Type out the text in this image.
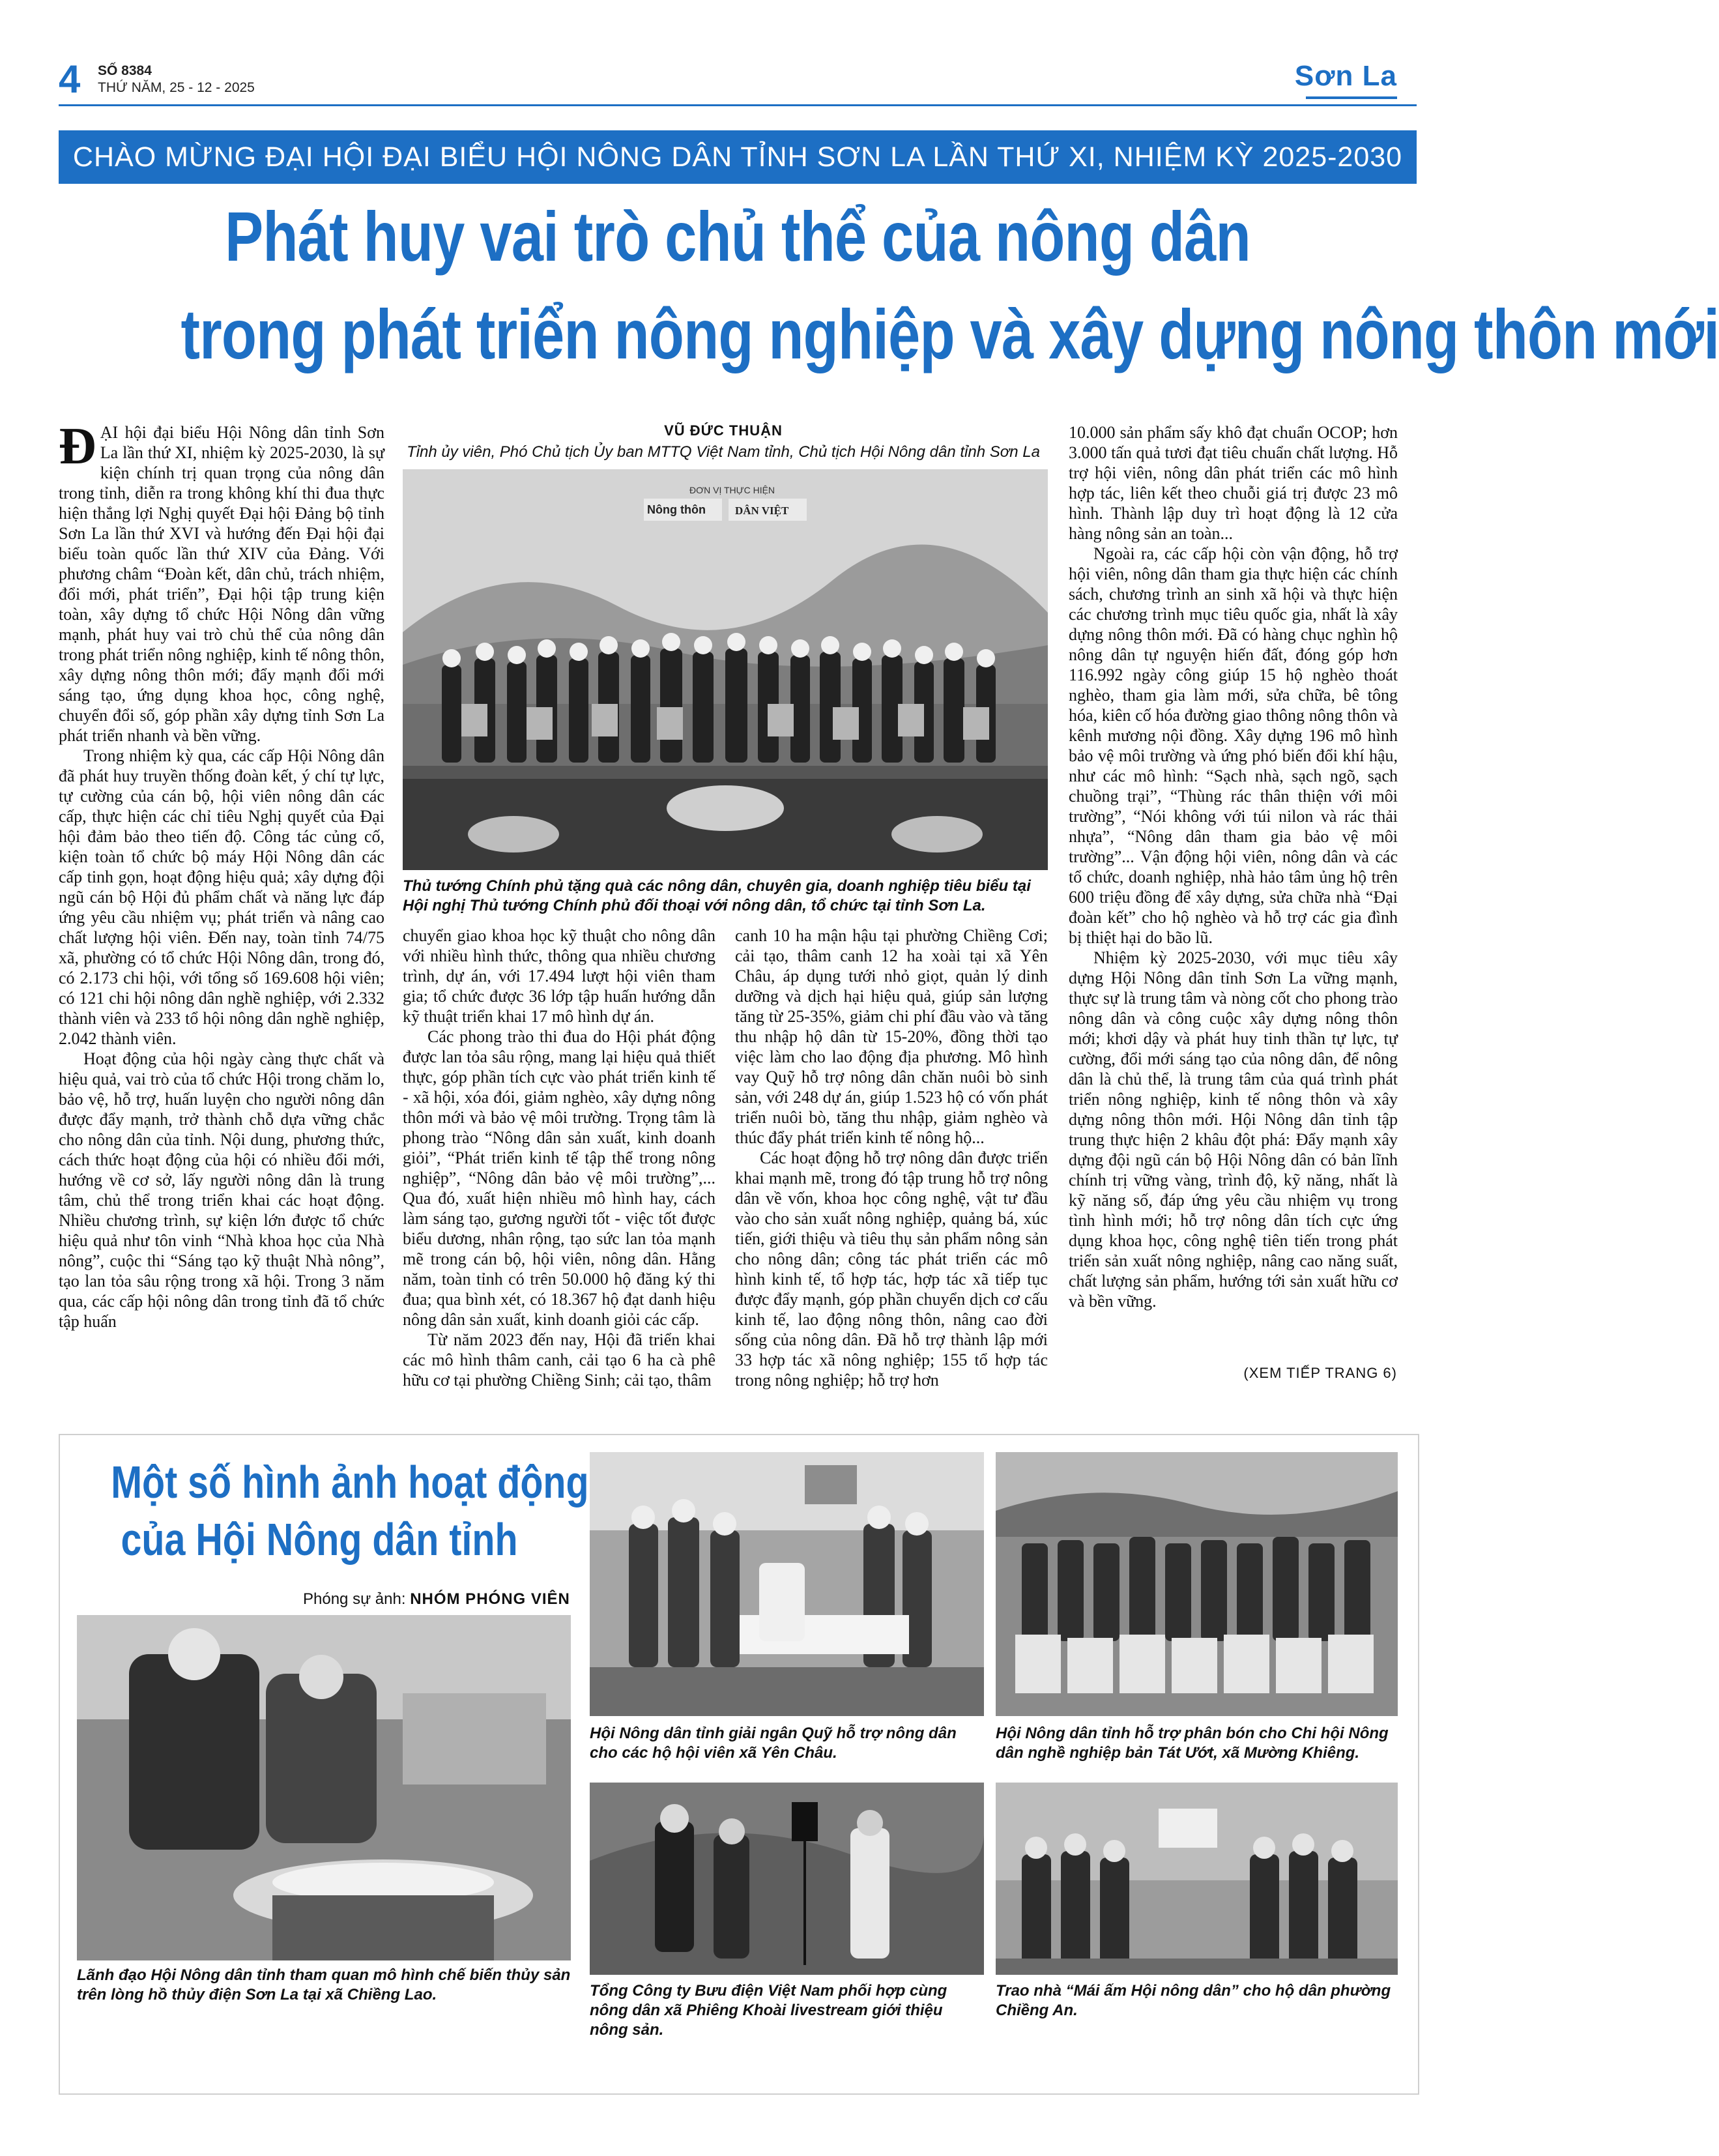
4 SỐ 8384
THỨ NĂM, 25 - 12 - 2025	Sơn La
CHÀO MỪNG ĐẠI HỘI ĐẠI BIỂU HỘI NÔNG DÂN TỈNH SƠN LA LẦN THỨ XI, NHIỆM KỲ 2025-2030
Phát huy vai trò chủ thể của nông dân
trong phát triển nông nghiệp và xây dựng nông thôn mới

ĐẠI hội đại biểu Hội Nông dân tỉnh Sơn La lần thứ XI, nhiệm kỳ 2025-2030, là sự kiện chính trị quan trọng của nông dân trong tỉnh, diễn ra trong không khí thi đua thực hiện thắng lợi Nghị quyết Đại hội Đảng bộ tỉnh Sơn La lần thứ XVI và hướng đến Đại hội đại biểu toàn quốc lần thứ XIV của Đảng. Với phương châm “Đoàn kết, dân chủ, trách nhiệm, đổi mới, phát triển”, Đại hội tập trung kiện toàn, xây dựng tổ chức Hội Nông dân vững mạnh, phát huy vai trò chủ thể của nông dân trong phát triển nông nghiệp, kinh tế nông thôn, xây dựng nông thôn mới; đẩy mạnh đổi mới sáng tạo, ứng dụng khoa học, công nghệ, chuyển đổi số, góp phần xây dựng tỉnh Sơn La phát triển nhanh và bền vững.

Trong nhiệm kỳ qua, các cấp Hội Nông dân đã phát huy truyền thống đoàn kết, ý chí tự lực, tự cường của cán bộ, hội viên nông dân các cấp, thực hiện các chỉ tiêu Nghị quyết của Đại hội đảm bảo theo tiến độ. Công tác củng cố, kiện toàn tổ chức bộ máy Hội Nông dân các cấp tinh gọn, hoạt động hiệu quả; xây dựng đội ngũ cán bộ Hội đủ phẩm chất và năng lực đáp ứng yêu cầu nhiệm vụ; phát triển và nâng cao chất lượng hội viên. Đến nay, toàn tỉnh 74/75 xã, phường có tổ chức Hội Nông dân, trong đó, có 2.173 chi hội, với tổng số 169.608 hội viên; có 121 chi hội nông dân nghề nghiệp, với 2.332 thành viên và 233 tổ hội nông dân nghề nghiệp, 2.042 thành viên.

Hoạt động của hội ngày càng thực chất và hiệu quả, vai trò của tổ chức Hội trong chăm lo, bảo vệ, hỗ trợ, huấn luyện cho người nông dân được đẩy mạnh, trở thành chỗ dựa vững chắc cho nông dân của tỉnh. Nội dung, phương thức, cách thức hoạt động của hội có nhiều đổi mới, hướng về cơ sở, lấy người nông dân là trung tâm, chủ thể trong triển khai các hoạt động. Nhiều chương trình, sự kiện lớn được tổ chức hiệu quả như tôn vinh “Nhà khoa học của Nhà nông”, cuộc thi “Sáng tạo kỹ thuật Nhà nông”, tạo lan tỏa sâu rộng trong xã hội. Trong 3 năm qua, các cấp hội nông dân trong tỉnh đã tổ chức tập huấn

VŨ ĐỨC THUẬN
Tỉnh ủy viên, Phó Chủ tịch Ủy ban MTTQ Việt Nam tỉnh, Chủ tịch Hội Nông dân tỉnh Sơn La
ĐƠN VỊ THỰC HIỆN
Nông thôn	DÂN VIỆT
Thủ tướng Chính phủ tặng quà các nông dân, chuyên gia, doanh nghiệp tiêu biểu tại Hội nghị Thủ tướng Chính phủ đối thoại với nông dân, tổ chức tại tỉnh Sơn La.

chuyển giao khoa học kỹ thuật cho nông dân với nhiều hình thức, thông qua nhiều chương trình, dự án, với 17.494 lượt hội viên tham gia; tổ chức được 36 lớp tập huấn hướng dẫn kỹ thuật triển khai 17 mô hình dự án.

Các phong trào thi đua do Hội phát động được lan tỏa sâu rộng, mang lại hiệu quả thiết thực, góp phần tích cực vào phát triển kinh tế - xã hội, xóa đói, giảm nghèo, xây dựng nông thôn mới và bảo vệ môi trường. Trọng tâm là phong trào “Nông dân sản xuất, kinh doanh giỏi”, “Phát triển kinh tế tập thể trong nông nghiệp”, “Nông dân bảo vệ môi trường”,... Qua đó, xuất hiện nhiều mô hình hay, cách làm sáng tạo, gương người tốt - việc tốt được biểu dương, nhân rộng, tạo sức lan tỏa mạnh mẽ trong cán bộ, hội viên, nông dân. Hằng năm, toàn tỉnh có trên 50.000 hộ đăng ký thi đua; qua bình xét, có 18.367 hộ đạt danh hiệu nông dân sản xuất, kinh doanh giỏi các cấp.

Từ năm 2023 đến nay, Hội đã triển khai các mô hình thâm canh, cải tạo 6 ha cà phê hữu cơ tại phường Chiềng Sinh; cải tạo, thâm

canh 10 ha mận hậu tại phường Chiềng Cơi; cải tạo, thâm canh 12 ha xoài tại xã Yên Châu, áp dụng tưới nhỏ giọt, quản lý dinh dưỡng và dịch hại hiệu quả, giúp sản lượng tăng từ 25-35%, giảm chi phí đầu vào và tăng thu nhập hộ dân từ 15-20%, đồng thời tạo việc làm cho lao động địa phương. Mô hình vay Quỹ hỗ trợ nông dân chăn nuôi bò sinh sản, với 248 dự án, giúp 1.523 hộ có vốn phát triển nuôi bò, tăng thu nhập, giảm nghèo và thúc đẩy phát triển kinh tế nông hộ...

Các hoạt động hỗ trợ nông dân được triển khai mạnh mẽ, trong đó tập trung hỗ trợ nông dân về vốn, khoa học công nghệ, vật tư đầu vào cho sản xuất nông nghiệp, quảng bá, xúc tiến, giới thiệu và tiêu thụ sản phẩm nông sản cho nông dân; công tác phát triển các mô hình kinh tế, tổ hợp tác, hợp tác xã tiếp tục được đẩy mạnh, góp phần chuyển dịch cơ cấu kinh tế, lao động nông thôn, nâng cao đời sống của nông dân. Đã hỗ trợ thành lập mới 33 hợp tác xã nông nghiệp; 155 tổ hợp tác trong nông nghiệp; hỗ trợ hơn

10.000 sản phẩm sấy khô đạt chuẩn OCOP; hơn 3.000 tấn quả tươi đạt tiêu chuẩn chất lượng. Hỗ trợ hội viên, nông dân phát triển các mô hình hợp tác, liên kết theo chuỗi giá trị được 23 mô hình. Thành lập duy trì hoạt động là 12 cửa hàng nông sản an toàn...

Ngoài ra, các cấp hội còn vận động, hỗ trợ hội viên, nông dân tham gia thực hiện các chính sách, chương trình an sinh xã hội và thực hiện các chương trình mục tiêu quốc gia, nhất là xây dựng nông thôn mới. Đã có hàng chục nghìn hộ nông dân tự nguyện hiến đất, đóng góp hơn 116.992 ngày công giúp 15 hộ nghèo thoát nghèo, tham gia làm mới, sửa chữa, bê tông hóa, kiên cố hóa đường giao thông nông thôn và kênh mương nội đồng. Xây dựng 196 mô hình bảo vệ môi trường và ứng phó biến đổi khí hậu, như các mô hình: “Sạch nhà, sạch ngõ, sạch chuồng trại”, “Thùng rác thân thiện với môi trường”, “Nói không với túi nilon và rác thải nhựa”, “Nông dân tham gia bảo vệ môi trường”... Vận động hội viên, nông dân và các tổ chức, doanh nghiệp, nhà hảo tâm ủng hộ trên 600 triệu đồng để xây dựng, sửa chữa nhà “Đại đoàn kết” cho hộ nghèo và hỗ trợ các gia đình bị thiệt hại do bão lũ.

Nhiệm kỳ 2025-2030, với mục tiêu xây dựng Hội Nông dân tỉnh Sơn La vững mạnh, thực sự là trung tâm và nòng cốt cho phong trào nông dân và công cuộc xây dựng nông thôn mới; khơi dậy và phát huy tinh thần tự lực, tự cường, đổi mới sáng tạo của nông dân, để nông dân là chủ thể, là trung tâm của quá trình phát triển nông nghiệp, kinh tế nông thôn và xây dựng nông thôn mới. Hội Nông dân tỉnh tập trung thực hiện 2 khâu đột phá: Đẩy mạnh xây dựng đội ngũ cán bộ Hội Nông dân có bản lĩnh chính trị vững vàng, trình độ, kỹ năng, nhất là kỹ năng số, đáp ứng yêu cầu nhiệm vụ trong tình hình mới; hỗ trợ nông dân tích cực ứng dụng khoa học, công nghệ tiên tiến trong phát triển sản xuất nông nghiệp, nâng cao năng suất, chất lượng sản phẩm, hướng tới sản xuất hữu cơ và bền vững.

(XEM TIẾP TRANG 6)
Một số hình ảnh hoạt động
của Hội Nông dân tỉnh
Phóng sự ảnh: NHÓM PHÓNG VIÊN
Lãnh đạo Hội Nông dân tỉnh tham quan mô hình chế biến thủy sản trên lòng hồ thủy điện Sơn La tại xã Chiềng Lao.
Hội Nông dân tỉnh giải ngân Quỹ hỗ trợ nông dân cho các hộ hội viên xã Yên Châu.
Hội Nông dân tỉnh hỗ trợ phân bón cho Chi hội Nông dân nghề nghiệp bản Tát Ướt, xã Mường Khiêng.
Tổng Công ty Bưu điện Việt Nam phối hợp cùng nông dân xã Phiêng Khoài livestream giới thiệu nông sản.
Trao nhà “Mái ấm Hội nông dân” cho hộ dân phường Chiềng An.
